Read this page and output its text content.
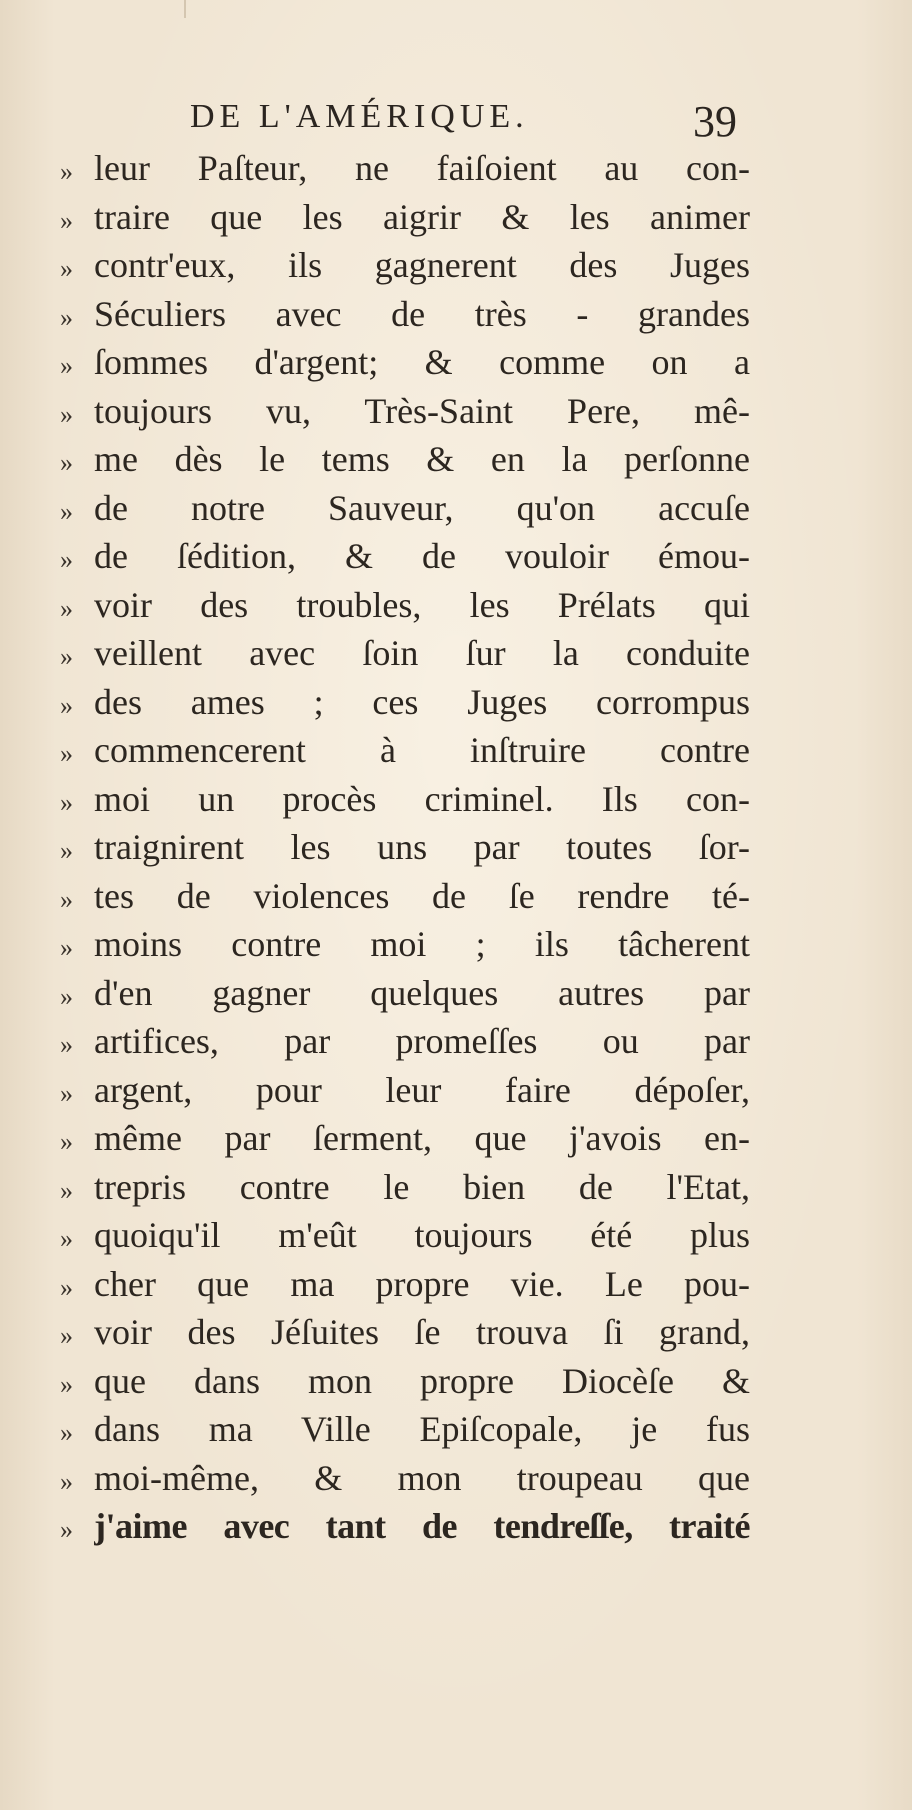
DE L'AMÉRIQUE.	39
» leur Paſteur, ne faiſoient au con-
» traire que les aigrir & les animer
» contr'eux, ils gagnerent des Juges
» Séculiers avec de très - grandes
» ſommes d'argent; & comme on a
» toujours vu, Très-Saint Pere, mê-
» me dès le tems & en la perſonne
» de notre Sauveur, qu'on accuſe
» de ſédition, & de vouloir émou-
» voir des troubles, les Prélats qui
» veillent avec ſoin ſur la conduite
» des ames ; ces Juges corrompus
» commencerent à inſtruire contre
» moi un procès criminel. Ils con-
» traignirent les uns par toutes ſor-
» tes de violences de ſe rendre té-
» moins contre moi ; ils tâcherent
» d'en gagner quelques autres par
» artifices, par promeſſes ou par
» argent, pour leur faire dépoſer,
» même par ſerment, que j'avois en-
» trepris contre le bien de l'Etat,
» quoiqu'il m'eût toujours été plus
» cher que ma propre vie. Le pou-
» voir des Jéſuites ſe trouva ſi grand,
» que dans mon propre Diocèſe &
» dans ma Ville Epiſcopale, je fus
» moi-même, & mon troupeau que
» j'aime avec tant de tendreſſe, traité
